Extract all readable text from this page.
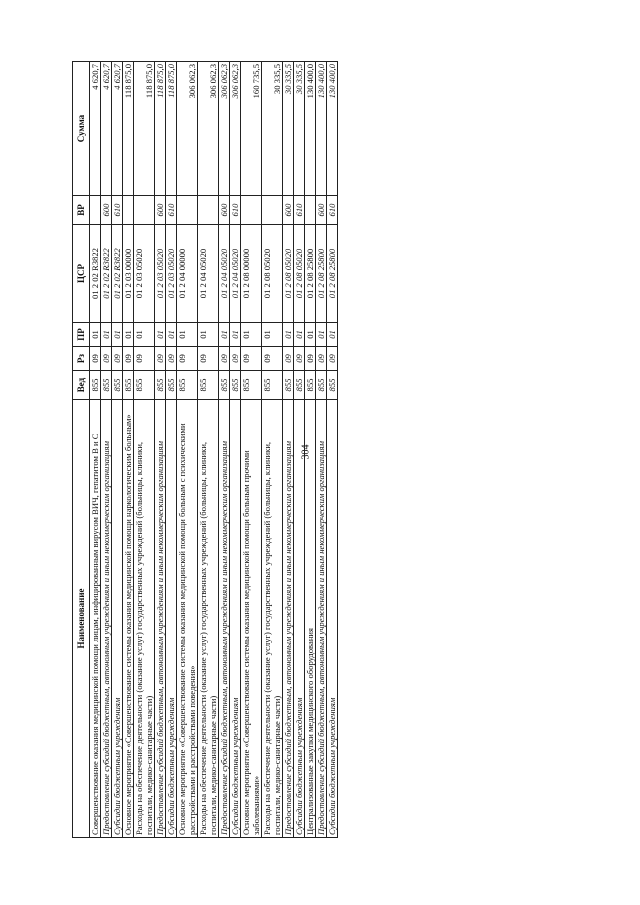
304
Наименование	Вед	Рз	ПР	ЦСР	ВР	Сумма
Совершенствование оказания медицинской помощи лицам, инфицированным вирусом ВИЧ, гепатитом В и С	855	09	01	01 2 02 R3822		4 620,7
Предоставление субсидий бюджетным, автономным учреждениям и иным некоммерческим организациям	855	09	01	01 2 02 R3822	600	4 620,7
Субсидии бюджетным учреждениям	855	09	01	01 2 02 R3822	610	4 620,7
Основное мероприятие «Совершенствование системы оказания медицинской помощи наркологическим больным»	855	09	01	01 2 03 00000		118 875,0
Расходы на обеспечение деятельности (оказание услуг) государственных учреждений (больницы, клиники, госпитали, медико-санитарные части)	855	09	01	01 2 03 05020		118 875,0
Предоставление субсидий бюджетным, автономным учреждениям и иным некоммерческим организациям	855	09	01	01 2 03 05020	600	118 875,0
Субсидии бюджетным учреждениям	855	09	01	01 2 03 05020	610	118 875,0
Основное мероприятие «Совершенствование системы оказания медицинской помощи больным с психическими расстройствами и расстройствами поведения»	855	09	01	01 2 04 00000		306 062,3
Расходы на обеспечение деятельности (оказание услуг) государственных учреждений (больницы, клиники, госпитали, медико-санитарные части)	855	09	01	01 2 04 05020		306 062,3
Предоставление субсидий бюджетным, автономным учреждениям и иным некоммерческим организациям	855	09	01	01 2 04 05020	600	306 062,3
Субсидии бюджетным учреждениям	855	09	01	01 2 04 05020	610	306 062,3
Основное мероприятие «Совершенствование системы оказания медицинской помощи больным прочими заболеваниями»	855	09	01	01 2 08 00000		160 735,5
Расходы на обеспечение деятельности (оказание услуг) государственных учреждений (больницы, клиники, госпитали, медико-санитарные части)	855	09	01	01 2 08 05020		30 335,5
Предоставление субсидий бюджетным, автономным учреждениям и иным некоммерческим организациям	855	09	01	01 2 08 05020	600	30 335,5
Субсидии бюджетным учреждениям	855	09	01	01 2 08 05020	610	30 335,5
Централизованные закупки медицинского оборудования	855	09	01	01 2 08 25800		130 400,0
Предоставление субсидий бюджетным, автономным учреждениям и иным некоммерческим организациям	855	09	01	01 2 08 25800	600	130 400,0
Субсидии бюджетным учреждениям	855	09	01	01 2 08 25800	610	130 400,0
